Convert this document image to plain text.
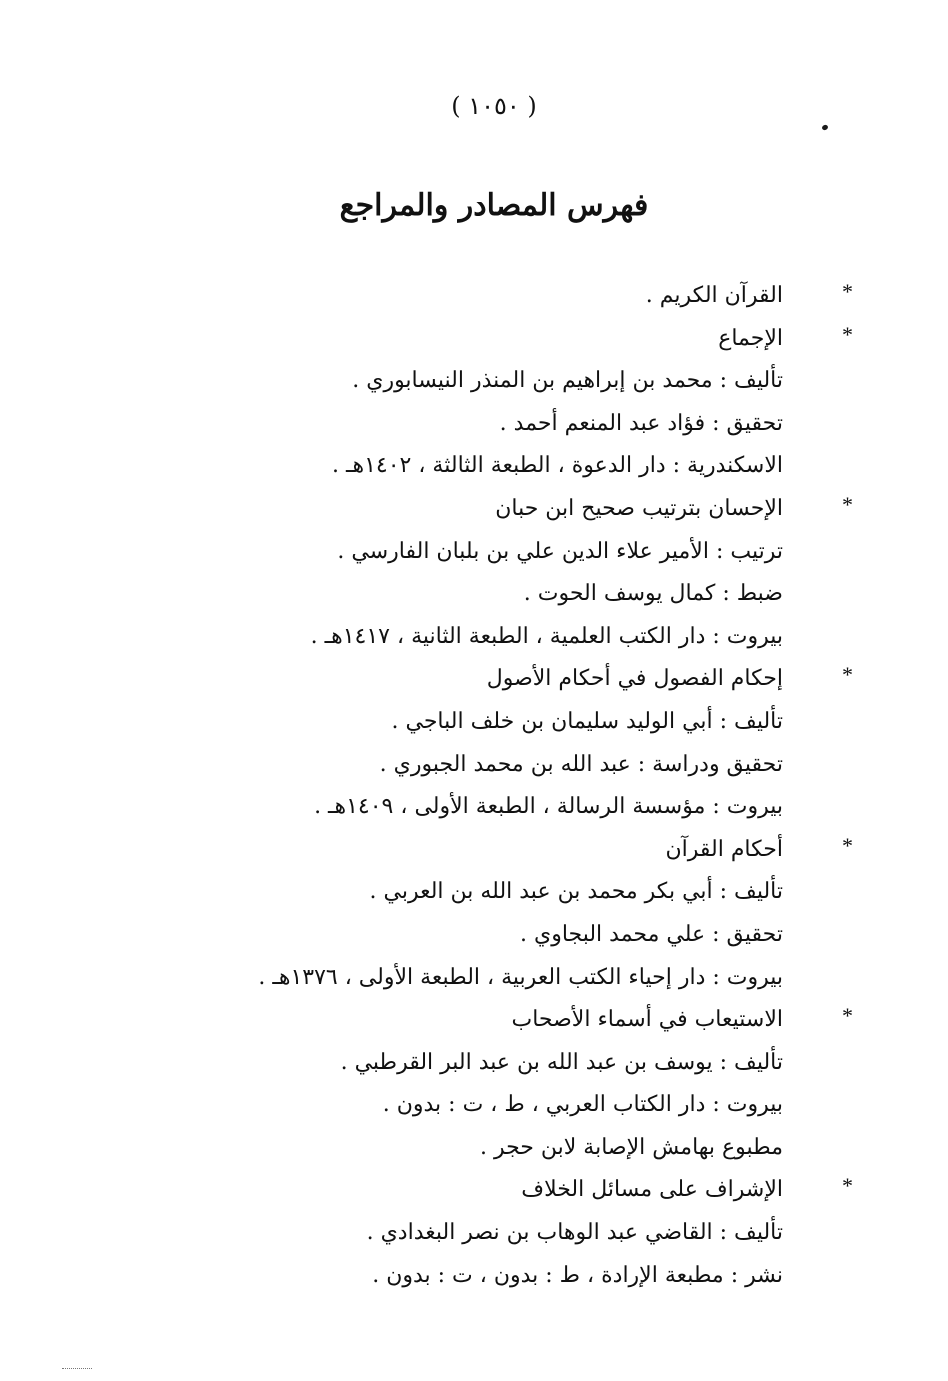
( ١٠٥٠ )
فهرس المصادر والمراجع
*
القرآن الكريم .
*
الإجماع
تأليف : محمد بن إبراهيم بن المنذر النيسابوري .
تحقيق : فؤاد عبد المنعم أحمد .
الاسكندرية : دار الدعوة ، الطبعة الثالثة ، ١٤٠٢هـ .
*
الإحسان بترتيب صحيح ابن حبان
ترتيب : الأمير علاء الدين علي بن بلبان الفارسي .
ضبط : كمال يوسف الحوت .
بيروت : دار الكتب العلمية ، الطبعة الثانية ، ١٤١٧هـ .
*
إحكام الفصول في أحكام الأصول
تأليف : أبي الوليد سليمان بن خلف الباجي .
تحقيق ودراسة : عبد الله بن محمد الجبوري .
بيروت : مؤسسة الرسالة ، الطبعة الأولى ، ١٤٠٩هـ .
*
أحكام القرآن
تأليف : أبي بكر محمد بن عبد الله بن العربي .
تحقيق : علي محمد البجاوي .
بيروت : دار إحياء الكتب العربية ، الطبعة الأولى ، ١٣٧٦هـ .
*
الاستيعاب في أسماء الأصحاب
تأليف : يوسف بن عبد الله بن عبد البر القرطبي .
بيروت : دار الكتاب العربي ، ط ، ت : بدون .
مطبوع بهامش الإصابة لابن حجر .
*
الإشراف على مسائل الخلاف
تأليف : القاضي عبد الوهاب بن نصر البغدادي .
نشر : مطبعة الإرادة ، ط : بدون ، ت : بدون .
